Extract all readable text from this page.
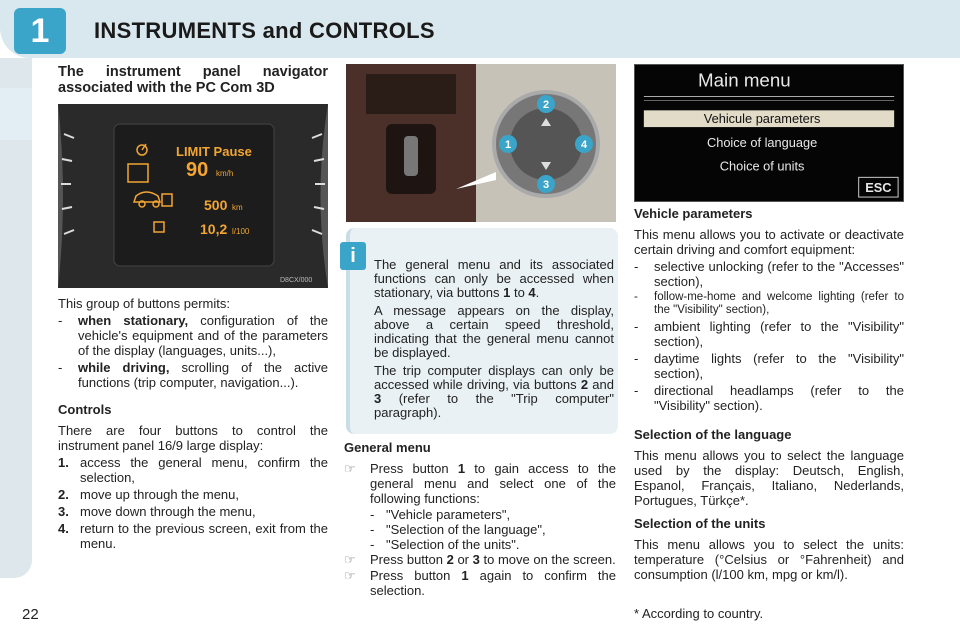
1	INSTRUMENTS and CONTROLS
22
The instrument panel navigator associated with the PC Com 3D
LIMIT Pause
90 km/h
500 km
10,2 l/100
D8CX/000
This group of buttons permits:
-	when stationary, configuration of the vehicle's equipment and of the parameters of the display (languages, units...),
-	while driving, scrolling of the active functions (trip computer, navigation...).
Controls
There are four buttons to control the instrument panel 16/9 large display:
1. access the general menu, confirm the selection,
2. move up through the menu,
3. move down through the menu,
4. return to the previous screen, exit from the menu.
2
3
1	4

The general menu and its associated functions can only be accessed when stationary, via buttons 1 to 4.

A message appears on the display, above a certain speed threshold, indicating that the general menu cannot be displayed.

The trip computer displays can only be accessed while driving, via buttons 2 and 3 (refer to the "Trip computer" paragraph).

i
General menu
☞	Press button 1 to gain access to the general menu and select one of the following functions:
- "Vehicle parameters",
- "Selection of the language",
- "Selection of the units".
☞	Press button 2 or 3 to move on the screen.
☞	Press button 1 again to confirm the selection.
Main menu
Vehicule parameters
Choice of language
Choice of units
ESC
Vehicle parameters
This menu allows you to activate or deactivate certain driving and comfort equipment:
-	selective unlocking (refer to the "Accesses" section),
-	follow-me-home and welcome lighting (refer to the "Visibility" section),
-	ambient lighting (refer to the "Visibility" section),
-	daytime lights (refer to the "Visibility" section),
-	directional headlamps (refer to the "Visibility" section).
Selection of the language
This menu allows you to select the language used by the display: Deutsch, English, Espanol, Français, Italiano, Nederlands, Portugues, Türkçe*.
Selection of the units
This menu allows you to select the units: temperature (°Celsius or °Fahrenheit) and consumption (l/100 km, mpg or km/l).
* According to country.
